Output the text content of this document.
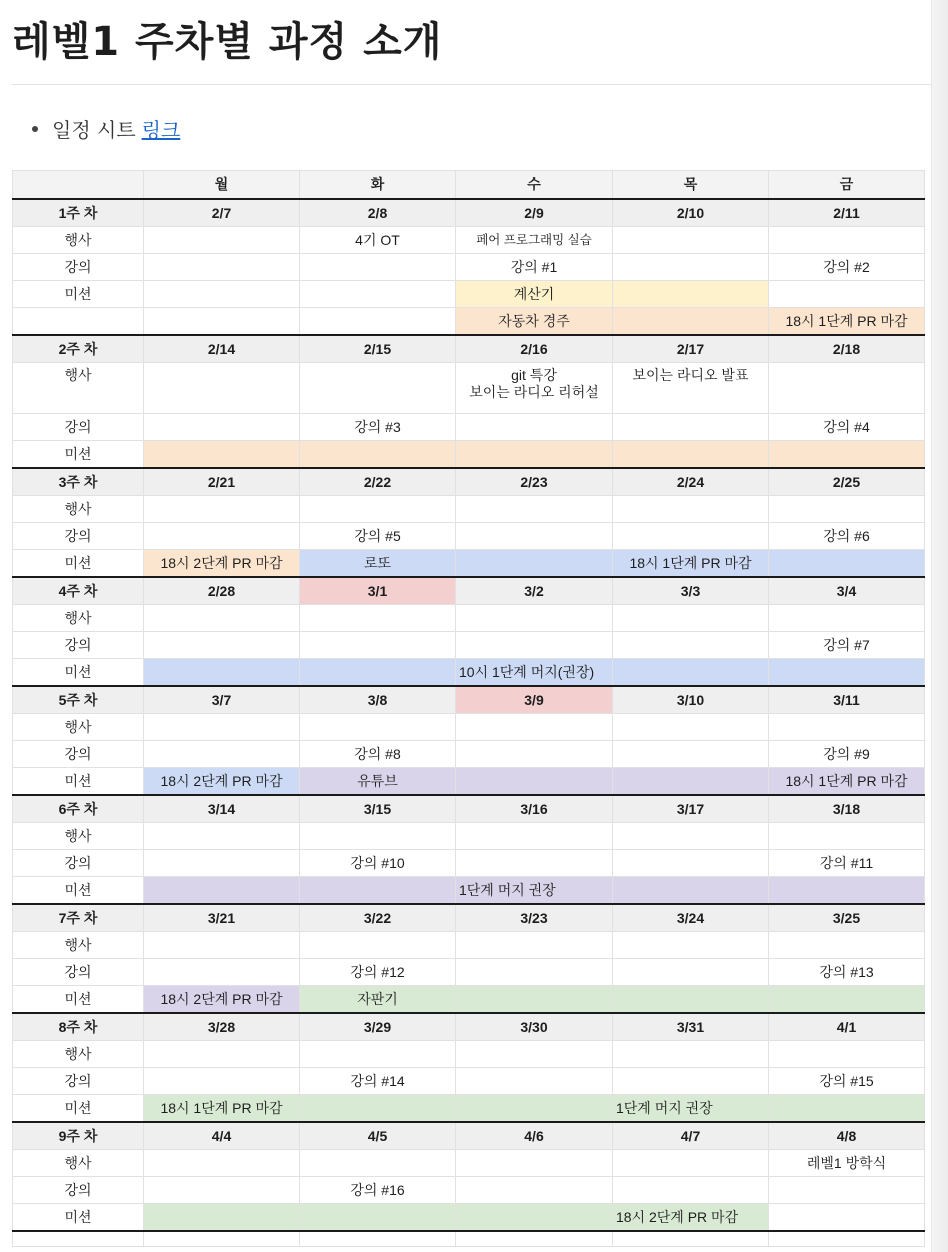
레벨1 주차별 과정 소개
일정 시트 링크
	월	화	수	목	금
1주 차	2/7	2/8	2/9	2/10	2/11
행사		4기 OT	페어 프로그래밍 실습		
강의			강의 #1		강의 #2
미션			계산기		
			자동차 경주		18시 1단계 PR 마감
2주 차	2/14	2/15	2/16	2/17	2/18
행사			git 특강
보이는 라디오 리허설	보이는 라디오 발표	
강의		강의 #3			강의 #4
미션					
3주 차	2/21	2/22	2/23	2/24	2/25
행사					
강의		강의 #5			강의 #6
미션	18시 2단계 PR 마감	로또		18시 1단계 PR 마감	
4주 차	2/28	3/1	3/2	3/3	3/4
행사					
강의					강의 #7
미션			10시 1단계 머지(권장)		
5주 차	3/7	3/8	3/9	3/10	3/11
행사					
강의		강의 #8			강의 #9
미션	18시 2단계 PR 마감	유튜브			18시 1단계 PR 마감
6주 차	3/14	3/15	3/16	3/17	3/18
행사					
강의		강의 #10			강의 #11
미션			1단계 머지 권장		
7주 차	3/21	3/22	3/23	3/24	3/25
행사					
강의		강의 #12			강의 #13
미션	18시 2단계 PR 마감	자판기			
8주 차	3/28	3/29	3/30	3/31	4/1
행사					
강의		강의 #14			강의 #15
미션	18시 1단계 PR 마감			1단계 머지 권장	
9주 차	4/4	4/5	4/6	4/7	4/8
행사					레벨1 방학식
강의		강의 #16			
미션				18시 2단계 PR 마감	
